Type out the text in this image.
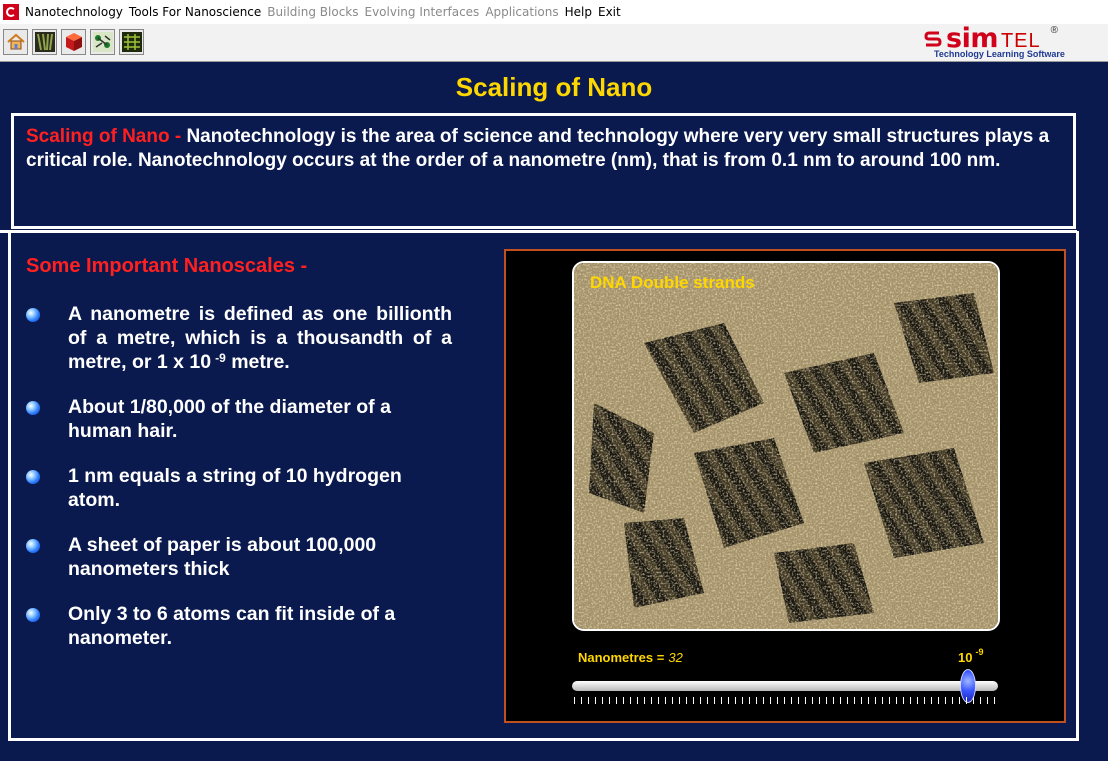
Nanotechnology Tools For Nanoscience Building Blocks Evolving Interfaces Applications Help Exit
sim TEL ®
Technology Learning Software
Scaling of Nano

Scaling of Nano - Nanotechnology is the area of science and technology where very very small structures plays a critical role. Nanotechnology occurs at the order of a nanometre (nm), that is from 0.1 nm to around 100 nm.

Some Important Nanoscales -
A nanometre is defined as one billionth of a metre, which is a thousandth of a metre, or 1 x 10 $^{-9}$ metre.
About 1/80,000 of the diameter of a human hair.
1 nm equals a string of 10 hydrogen atom.
A sheet of paper is about 100,000 nanometers thick
Only 3 to 6 atoms can fit inside of a nanometer.

DNA Double strands

Nanometres = 32	10 $^{-9}$
